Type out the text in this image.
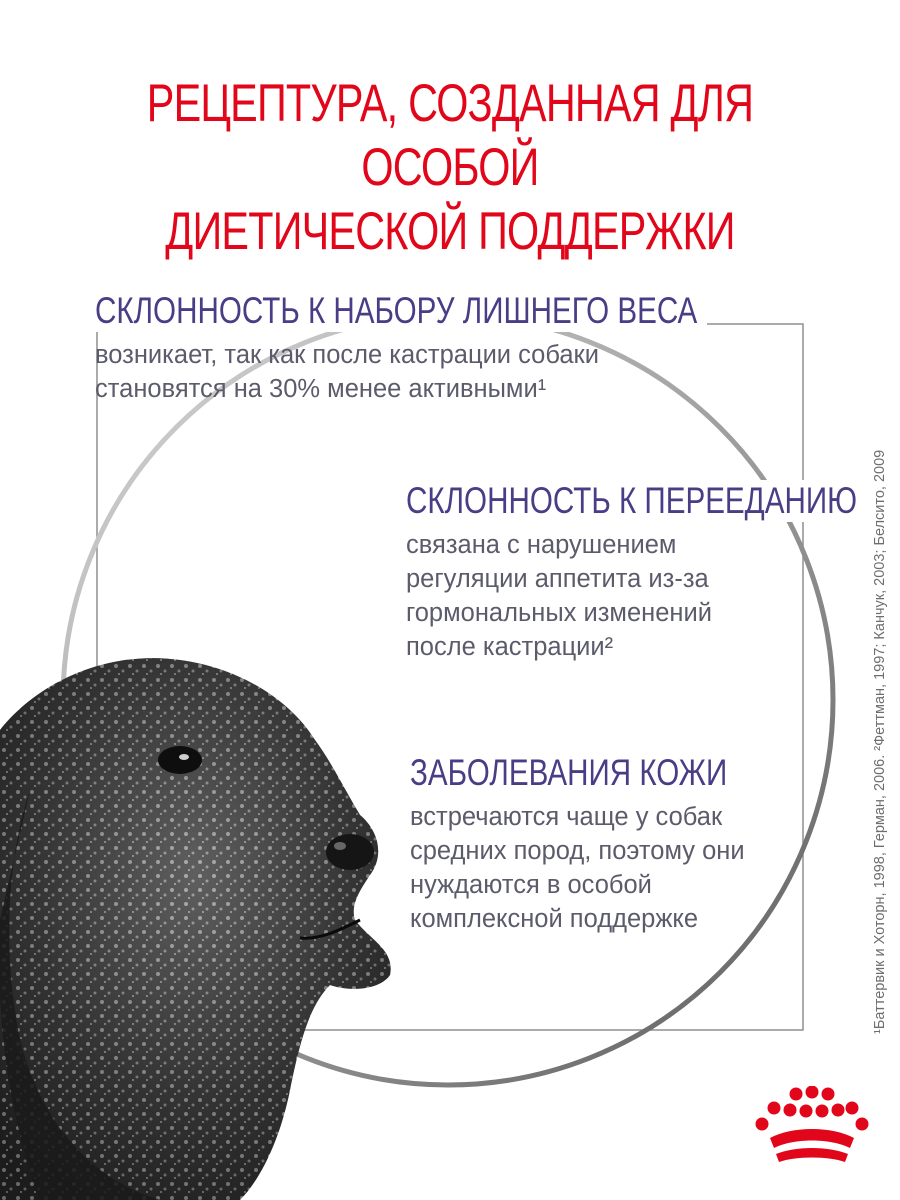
РЕЦЕПТУРА, СОЗДАННАЯ ДЛЯ ОСОБОЙ
ДИЕТИЧЕСКОЙ ПОДДЕРЖКИ
СКЛОННОСТЬ К НАБОРУ ЛИШНЕГО ВЕСА
возникает, так как после кастрации собаки
становятся на 30% менее активными¹
СКЛОННОСТЬ К ПЕРЕЕДАНИЮ
связана с нарушением
регуляции аппетита из-за
гормональных изменений
после кастрации²
ЗАБОЛЕВАНИЯ КОЖИ
встречаются чаще у собак
средних пород, поэтому они
нуждаются в особой
комплексной поддержке	¹Баттервик и Хоторн, 1998, Герман, 2006. ²Феттман, 1997; Канчук, 2003; Белсито, 2009
